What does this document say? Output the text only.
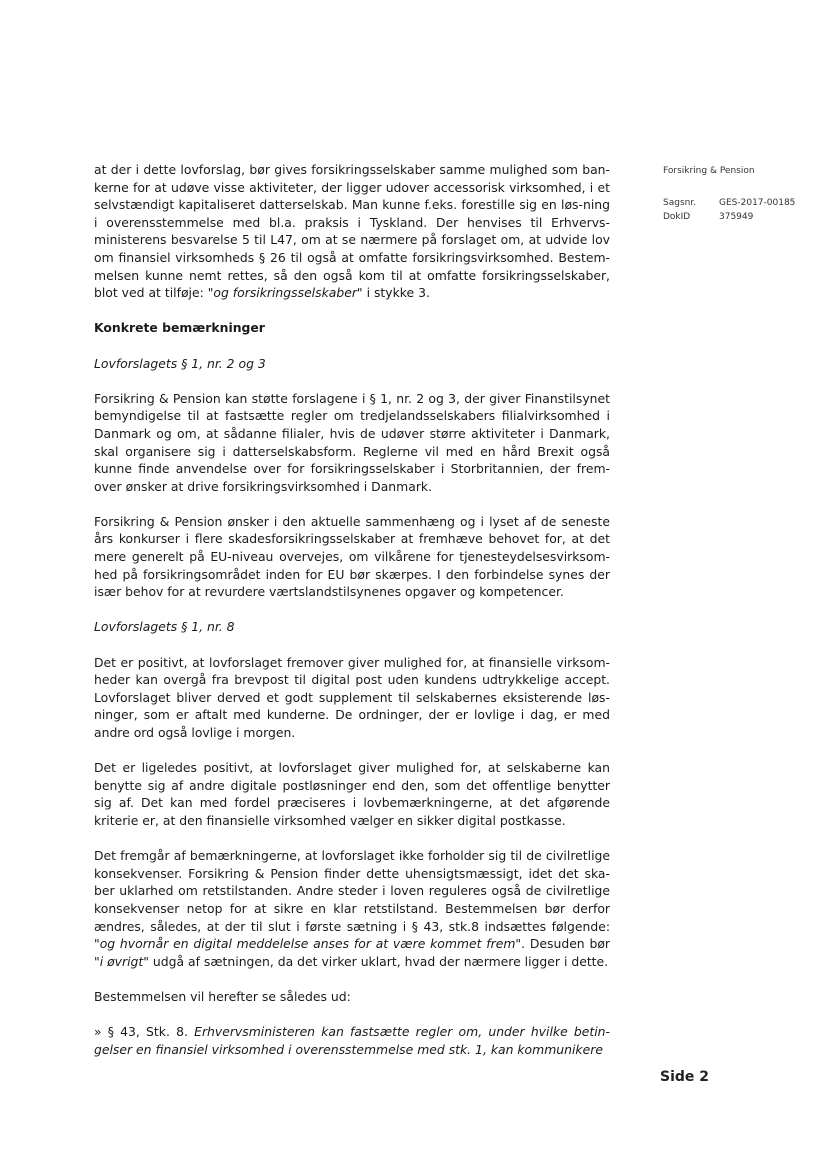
Forsikring & Pension
Sagsnr.	GES-2017-00185
DokID	375949

at der i dette lovforslag, bør gives forsikringsselskaber samme mulighed som ban-kerne for at udøve visse aktiviteter, der ligger udover accessorisk virksomhed, i et selvstændigt kapitaliseret datterselskab. Man kunne f.eks. forestille sig en løs-ning i overensstemmelse med bl.a. praksis i Tyskland. Der henvises til Erhvervs-ministerens besvarelse 5 til L47, om at se nærmere på forslaget om, at udvide lov om finansiel virksomheds § 26 til også at omfatte forsikringsvirksomhed. Bestem-melsen kunne nemt rettes, så den også kom til at omfatte forsikringsselskaber, blot ved at tilføje: "og forsikringsselskaber" i stykke 3.

Konkrete bemærkninger

Lovforslagets § 1, nr. 2 og 3

Forsikring & Pension kan støtte forslagene i § 1, nr. 2 og 3, der giver Finanstilsynet bemyndigelse til at fastsætte regler om tredjelandsselskabers filialvirksomhed i Danmark og om, at sådanne filialer, hvis de udøver større aktiviteter i Danmark, skal organisere sig i datterselskabsform. Reglerne vil med en hård Brexit også kunne finde anvendelse over for forsikringsselskaber i Storbritannien, der frem-over ønsker at drive forsikringsvirksomhed i Danmark.

Forsikring & Pension ønsker i den aktuelle sammenhæng og i lyset af de seneste års konkurser i flere skadesforsikringsselskaber at fremhæve behovet for, at det mere generelt på EU-niveau overvejes, om vilkårene for tjenesteydelsesvirksom-hed på forsikringsområdet inden for EU bør skærpes. I den forbindelse synes der især behov for at revurdere værtslandstilsynenes opgaver og kompetencer.

Lovforslagets § 1, nr. 8

Det er positivt, at lovforslaget fremover giver mulighed for, at finansielle virksom-heder kan overgå fra brevpost til digital post uden kundens udtrykkelige accept. Lovforslaget bliver derved et godt supplement til selskabernes eksisterende løs-ninger, som er aftalt med kunderne. De ordninger, der er lovlige i dag, er med andre ord også lovlige i morgen.

Det er ligeledes positivt, at lovforslaget giver mulighed for, at selskaberne kan benytte sig af andre digitale postløsninger end den, som det offentlige benytter sig af. Det kan med fordel præciseres i lovbemærkningerne, at det afgørende kriterie er, at den finansielle virksomhed vælger en sikker digital postkasse.

Det fremgår af bemærkningerne, at lovforslaget ikke forholder sig til de civilretlige konsekvenser. Forsikring & Pension finder dette uhensigtsmæssigt, idet det ska-ber uklarhed om retstilstanden. Andre steder i loven reguleres også de civilretlige konsekvenser netop for at sikre en klar retstilstand. Bestemmelsen bør derfor ændres, således, at der til slut i første sætning i § 43, stk.8 indsættes følgende: "og hvornår en digital meddelelse anses for at være kommet frem". Desuden bør "i øvrigt" udgå af sætningen, da det virker uklart, hvad der nærmere ligger i dette.

Bestemmelsen vil herefter se således ud:

» § 43, Stk. 8. Erhvervsministeren kan fastsætte regler om, under hvilke betin-gelser en finansiel virksomhed i overensstemmelse med stk. 1, kan kommunikere

Side 2
